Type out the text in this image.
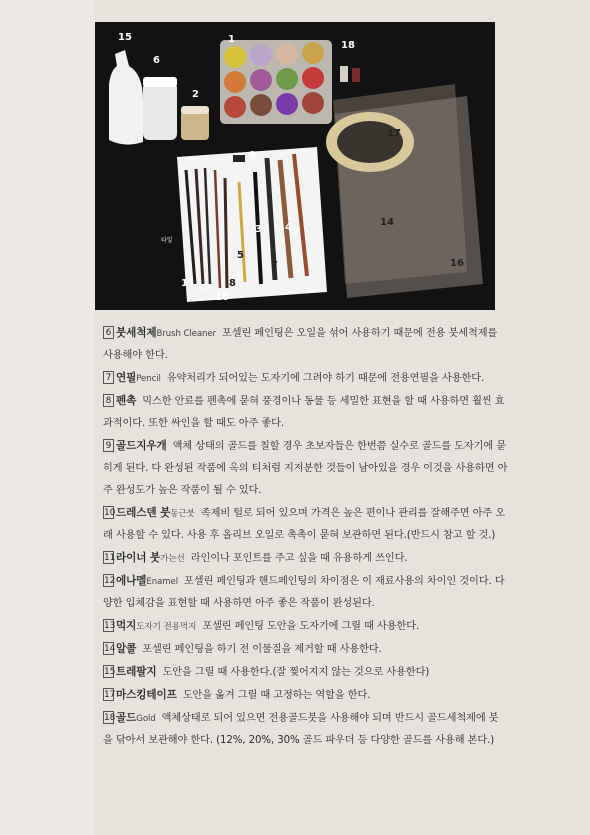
15
6
2
1
18
17
9
3 4
5
7
8
10
11 12 13
14
16
타잎
6 붓세척제Brush Cleaner 포셀린 페인팅은 오일을 섞어 사용하기 때문에 전용 붓세척제를 사용해야 한다.
7 연필Pencil 유약처리가 되어있는 도자기에 그려야 하기 때문에 전용연필을 사용한다.
8 펜촉 믹스한 안료를 펜촉에 묻혀 풍경이나 동물 등 세밀한 표현을 할 때 사용하면 훨씬 효과적이다. 또한 싸인을 할 때도 아주 좋다.
9 골드지우개 액체 상태의 골드를 칠할 경우 초보자들은 한번쯤 실수로 골드를 도자기에 묻히게 된다. 다 완성된 작품에 옥의 티처럼 지저분한 것들이 남아있을 경우 이것을 사용하면 아주 완성도가 높은 작품이 될 수 있다.
10드레스덴 붓동근붓 족제비 털로 되어 있으며 가격은 높은 편이나 관리를 잘해주면 아주 오래 사용할 수 있다. 사용 후 올리브 오일로 촉촉이 묻혀 보관하면 된다.(반드시 참고 할 것.)
11라이너 붓가는선 라인이나 포인트를 주고 싶을 때 유용하게 쓰인다.
12에나멜Enamel 포셀린 페인팅과 핸드페인팅의 차이점은 이 재료사용의 차이인 것이다. 다양한 입체감을 표현할 때 사용하면 아주 좋은 작품이 완성된다.
13먹지도자기 전용먹지 포셀린 페인팅 도안을 도자기에 그릴 때 사용한다.
14알콜 포셀린 페인팅을 하기 전 이물질을 제거할 때 사용한다.
15트레팔지 도안을 그릴 때 사용한다.(잘 찢어지지 않는 것으로 사용한다)
17마스킹테이프 도안을 옮겨 그릴 때 고정하는 역할을 한다.
18골드Gold 액체상태로 되어 있으면 전용골드붓을 사용해야 되며 반드시 골드세척제에 붓을 닦아서 보관해야 한다. (12%, 20%, 30% 골드 파우더 등 다양한 골드를 사용해 본다.)
